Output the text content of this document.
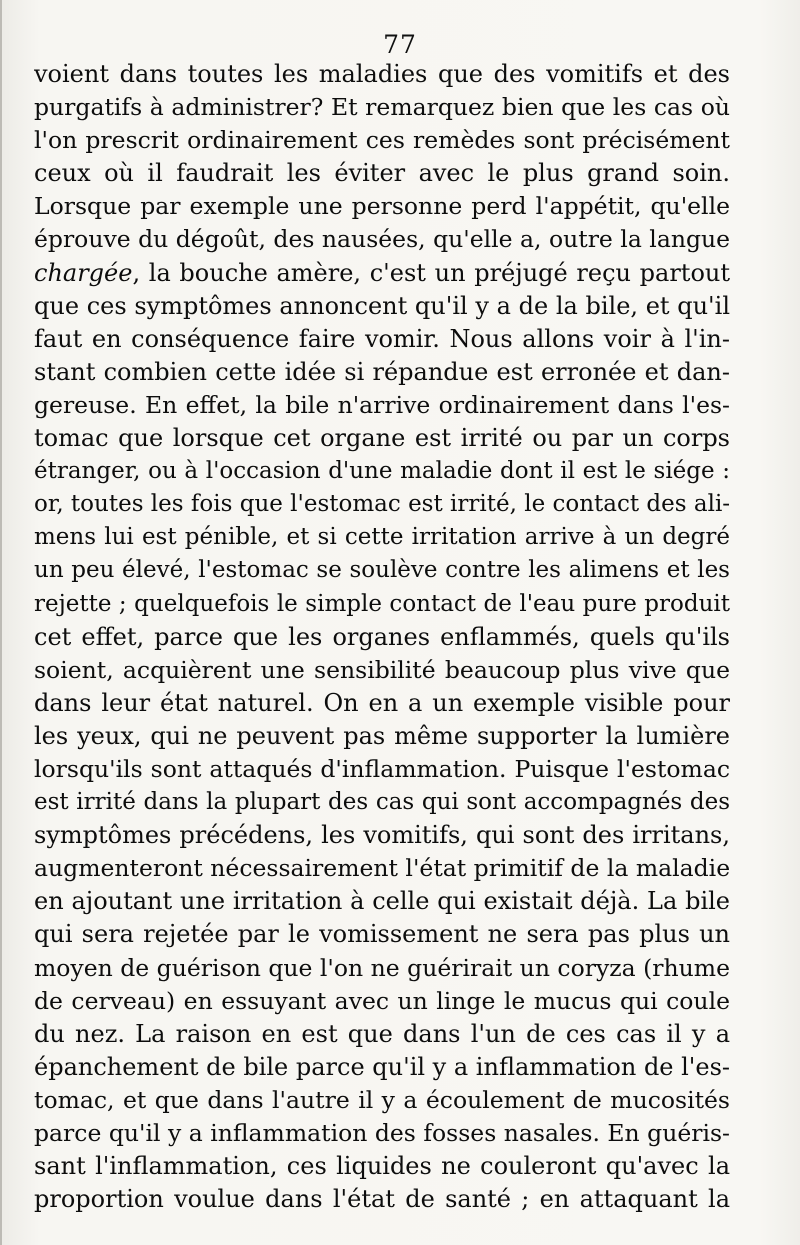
77
voient dans toutes les maladies que des vomitifs et des
purgatifs à administrer? Et remarquez bien que les cas où
l'on prescrit ordinairement ces remèdes sont précisément
ceux où il faudrait les éviter avec le plus grand soin.
Lorsque par exemple une personne perd l'appétit, qu'elle
éprouve du dégoût, des nausées, qu'elle a, outre la langue
chargée, la bouche amère, c'est un préjugé reçu partout
que ces symptômes annoncent qu'il y a de la bile, et qu'il
faut en conséquence faire vomir. Nous allons voir à l'in-
stant combien cette idée si répandue est erronée et dan-
gereuse. En effet, la bile n'arrive ordinairement dans l'es-
tomac que lorsque cet organe est irrité ou par un corps
étranger, ou à l'occasion d'une maladie dont il est le siége :
or, toutes les fois que l'estomac est irrité, le contact des ali-
mens lui est pénible, et si cette irritation arrive à un degré
un peu élevé, l'estomac se soulève contre les alimens et les
rejette ; quelquefois le simple contact de l'eau pure produit
cet effet, parce que les organes enflammés, quels qu'ils
soient, acquièrent une sensibilité beaucoup plus vive que
dans leur état naturel. On en a un exemple visible pour
les yeux, qui ne peuvent pas même supporter la lumière
lorsqu'ils sont attaqués d'inflammation. Puisque l'estomac
est irrité dans la plupart des cas qui sont accompagnés des
symptômes précédens, les vomitifs, qui sont des irritans,
augmenteront nécessairement l'état primitif de la maladie
en ajoutant une irritation à celle qui existait déjà. La bile
qui sera rejetée par le vomissement ne sera pas plus un
moyen de guérison que l'on ne guérirait un coryza (rhume
de cerveau) en essuyant avec un linge le mucus qui coule
du nez. La raison en est que dans l'un de ces cas il y a
épanchement de bile parce qu'il y a inflammation de l'es-
tomac, et que dans l'autre il y a écoulement de mucosités
parce qu'il y a inflammation des fosses nasales. En guéris-
sant l'inflammation, ces liquides ne couleront qu'avec la
proportion voulue dans l'état de santé ; en attaquant la
